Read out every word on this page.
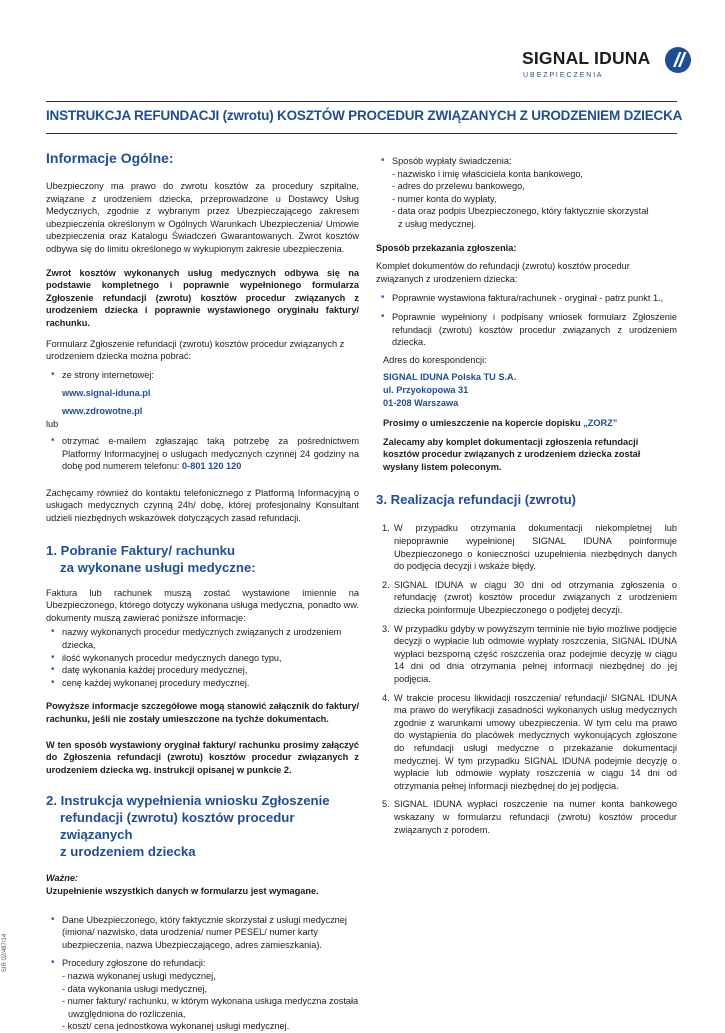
SIGNAL IDUNA
U B E Z P I E C Z E N I A
INSTRUKCJA REFUNDACJI (zwrotu) KOSZTÓW PROCEDUR ZWIĄZANYCH Z URODZENIEM DZIECKA
Informacje Ogólne:

Ubezpieczony ma prawo do zwrotu kosztów za procedury szpitalne, związane z urodzeniem dziecka, przeprowadzone u Dostawcy Usług Medycznych, zgodnie z wybranym przez Ubezpieczającego zakresem ubezpieczenia określonym w Ogólnych Warunkach Ubezpieczenia/ Umowie ubezpieczenia oraz Katalogu Świadczeń Gwarantowanych. Zwrot kosztów odbywa się do limitu określonego w wykupionym zakresie ubezpieczenia.

Zwrot kosztów wykonanych usług medycznych odbywa się na podstawie kompletnego i poprawnie wypełnionego formularza Zgłoszenie refundacji (zwrotu) kosztów procedur związanych z urodzeniem dziecka i poprawnie wystawionego oryginału faktury/ rachunku.

Formularz Zgłoszenie refundacji (zwrotu) kosztów procedur związanych z urodzeniem dziecka można pobrać:

• ze strony internetowej:
www.signal-iduna.pl
www.zdrowotne.pl
lub
• otrzymać e-mailem zgłaszając taką potrzebę za pośrednictwem Platformy Informacyjnej o usługach medycznych czynnej 24 godziny na dobę pod numerem telefonu: 0-801 120 120

Zachęcamy również do kontaktu telefonicznego z Platformą Informacyjną o usługach medycznych czynną 24h/ dobę, której profesjonalny Konsultant udzieli niezbędnych wskazówek dotyczących zasad refundacji.

1. Pobranie Faktury/ rachunku
za wykonane usługi medyczne:

Faktura lub rachunek muszą zostać wystawione imiennie na Ubezpieczonego, którego dotyczy wykonana usługa medyczna, ponadto ww. dokumenty muszą zawierać poniższe informacje:

• nazwy wykonanych procedur medycznych związanych z urodzeniem dziecka,
• ilość wykonanych procedur medycznych danego typu,
• datę wykonania każdej procedury medycznej,
• cenę każdej wykonanej procedury medycznej.

Powyższe informacje szczegółowe mogą stanowić załącznik do faktury/ rachunku, jeśli nie zostały umieszczone na tychże dokumentach.

W ten sposób wystawiony oryginał faktury/ rachunku prosimy załączyć do Zgłoszenia refundacji (zwrotu) kosztów procedur związanych z urodzeniem dziecka wg. instrukcji opisanej w punkcie 2.

2. Instrukcja wypełnienia wniosku Zgłoszenie
refundacji (zwrotu) kosztów procedur związanych
z urodzeniem dziecka
Ważne:
Uzupełnienie wszystkich danych w formularzu jest wymagane.
• Dane Ubezpieczonego, który faktycznie skorzystał z usługi medycznej (imiona/ nazwisko, data urodzenia/ numer PESEL/ numer karty ubezpieczenia, nazwa Ubezpieczającego, adres zamieszkania).
• Procedury zgłoszone do refundacji:
- nazwa wykonanej usługi medycznej,
- data wykonania usługi medycznej,
- numer faktury/ rachunku, w którym wykonana usługa medyczna została
uwzględniona do rozliczenia,
- koszt/ cena jednostkowa wykonanej usługi medycznej.
• Sposób wypłaty świadczenia:
- nazwisko i imię właściciela konta bankowego,
- adres do przelewu bankowego,
- numer konta do wypłaty,
- data oraz podpis Ubezpieczonego, który faktycznie skorzystał
z usług medycznej.
Sposób przekazania zgłoszenia:

Komplet dokumentów do refundacji (zwrotu) kosztów procedur związanych z urodzeniem dziecka:

• Poprawnie wystawiona faktura/rachunek - oryginał - patrz punkt 1.,
• Poprawnie wypełniony i podpisany wniosek formularz Zgłoszenie refundacji (zwrotu) kosztów procedur związanych z urodzeniem dziecka.
Adres do korespondencji:
SIGNAL IDUNA Polska TU S.A.
ul. Przyokopowa 31
01-208 Warszawa
Prosimy o umieszczenie na kopercie dopisku „ZORZ”

Zalecamy aby komplet dokumentacji zgłoszenia refundacji kosztów procedur związanych z urodzeniem dziecka został wysłany listem poleconym.

3. Realizacja refundacji (zwrotu)
1. W przypadku otrzymania dokumentacji niekompletnej lub niepoprawnie wypełnionej SIGNAL IDUNA poinformuje Ubezpieczonego o konieczności uzupełnienia niezbędnych danych do podjęcia decyzji i wskaże błędy.
2. SIGNAL IDUNA w ciągu 30 dni od otrzymania zgłoszenia o refundację (zwrot) kosztów procedur związanych z urodzeniem dziecka poinformuje Ubezpieczonego o podjętej decyzji.
3. W przypadku gdyby w powyższym terminie nie było możliwe podjęcie decyzji o wypłacie lub odmowie wypłaty roszczenia, SIGNAL IDUNA wypłaci bezsporną część roszczenia oraz podejmie decyzję w ciągu 14 dni od dnia otrzymania pełnej informacji niezbędnej do jej podjęcia.
4. W trakcie procesu likwidacji roszczenia/ refundacji/ SIGNAL IDUNA ma prawo do weryfikacji zasadności wykonanych usług medycznych zgodnie z warunkami umowy ubezpieczenia. W tym celu ma prawo do wystąpienia do placówek medycznych wykonujących zgłoszone do refundacji usługi medyczne o przekazanie dokumentacji medycznej. W tym przypadku SIGNAL IDUNA podejmie decyzję o wypłacie lub odmowie wypłaty roszczenia w ciągu 14 dni od otrzymania pełnej informacji niezbędnej do jej podjęcia.
5. SIGNAL IDUNA wypłaci roszczenie na numer konta bankowego wskazany w formularzu refundacji (zwrotu) kosztów procedur związanych z porodem.
SIR 02/487/14
